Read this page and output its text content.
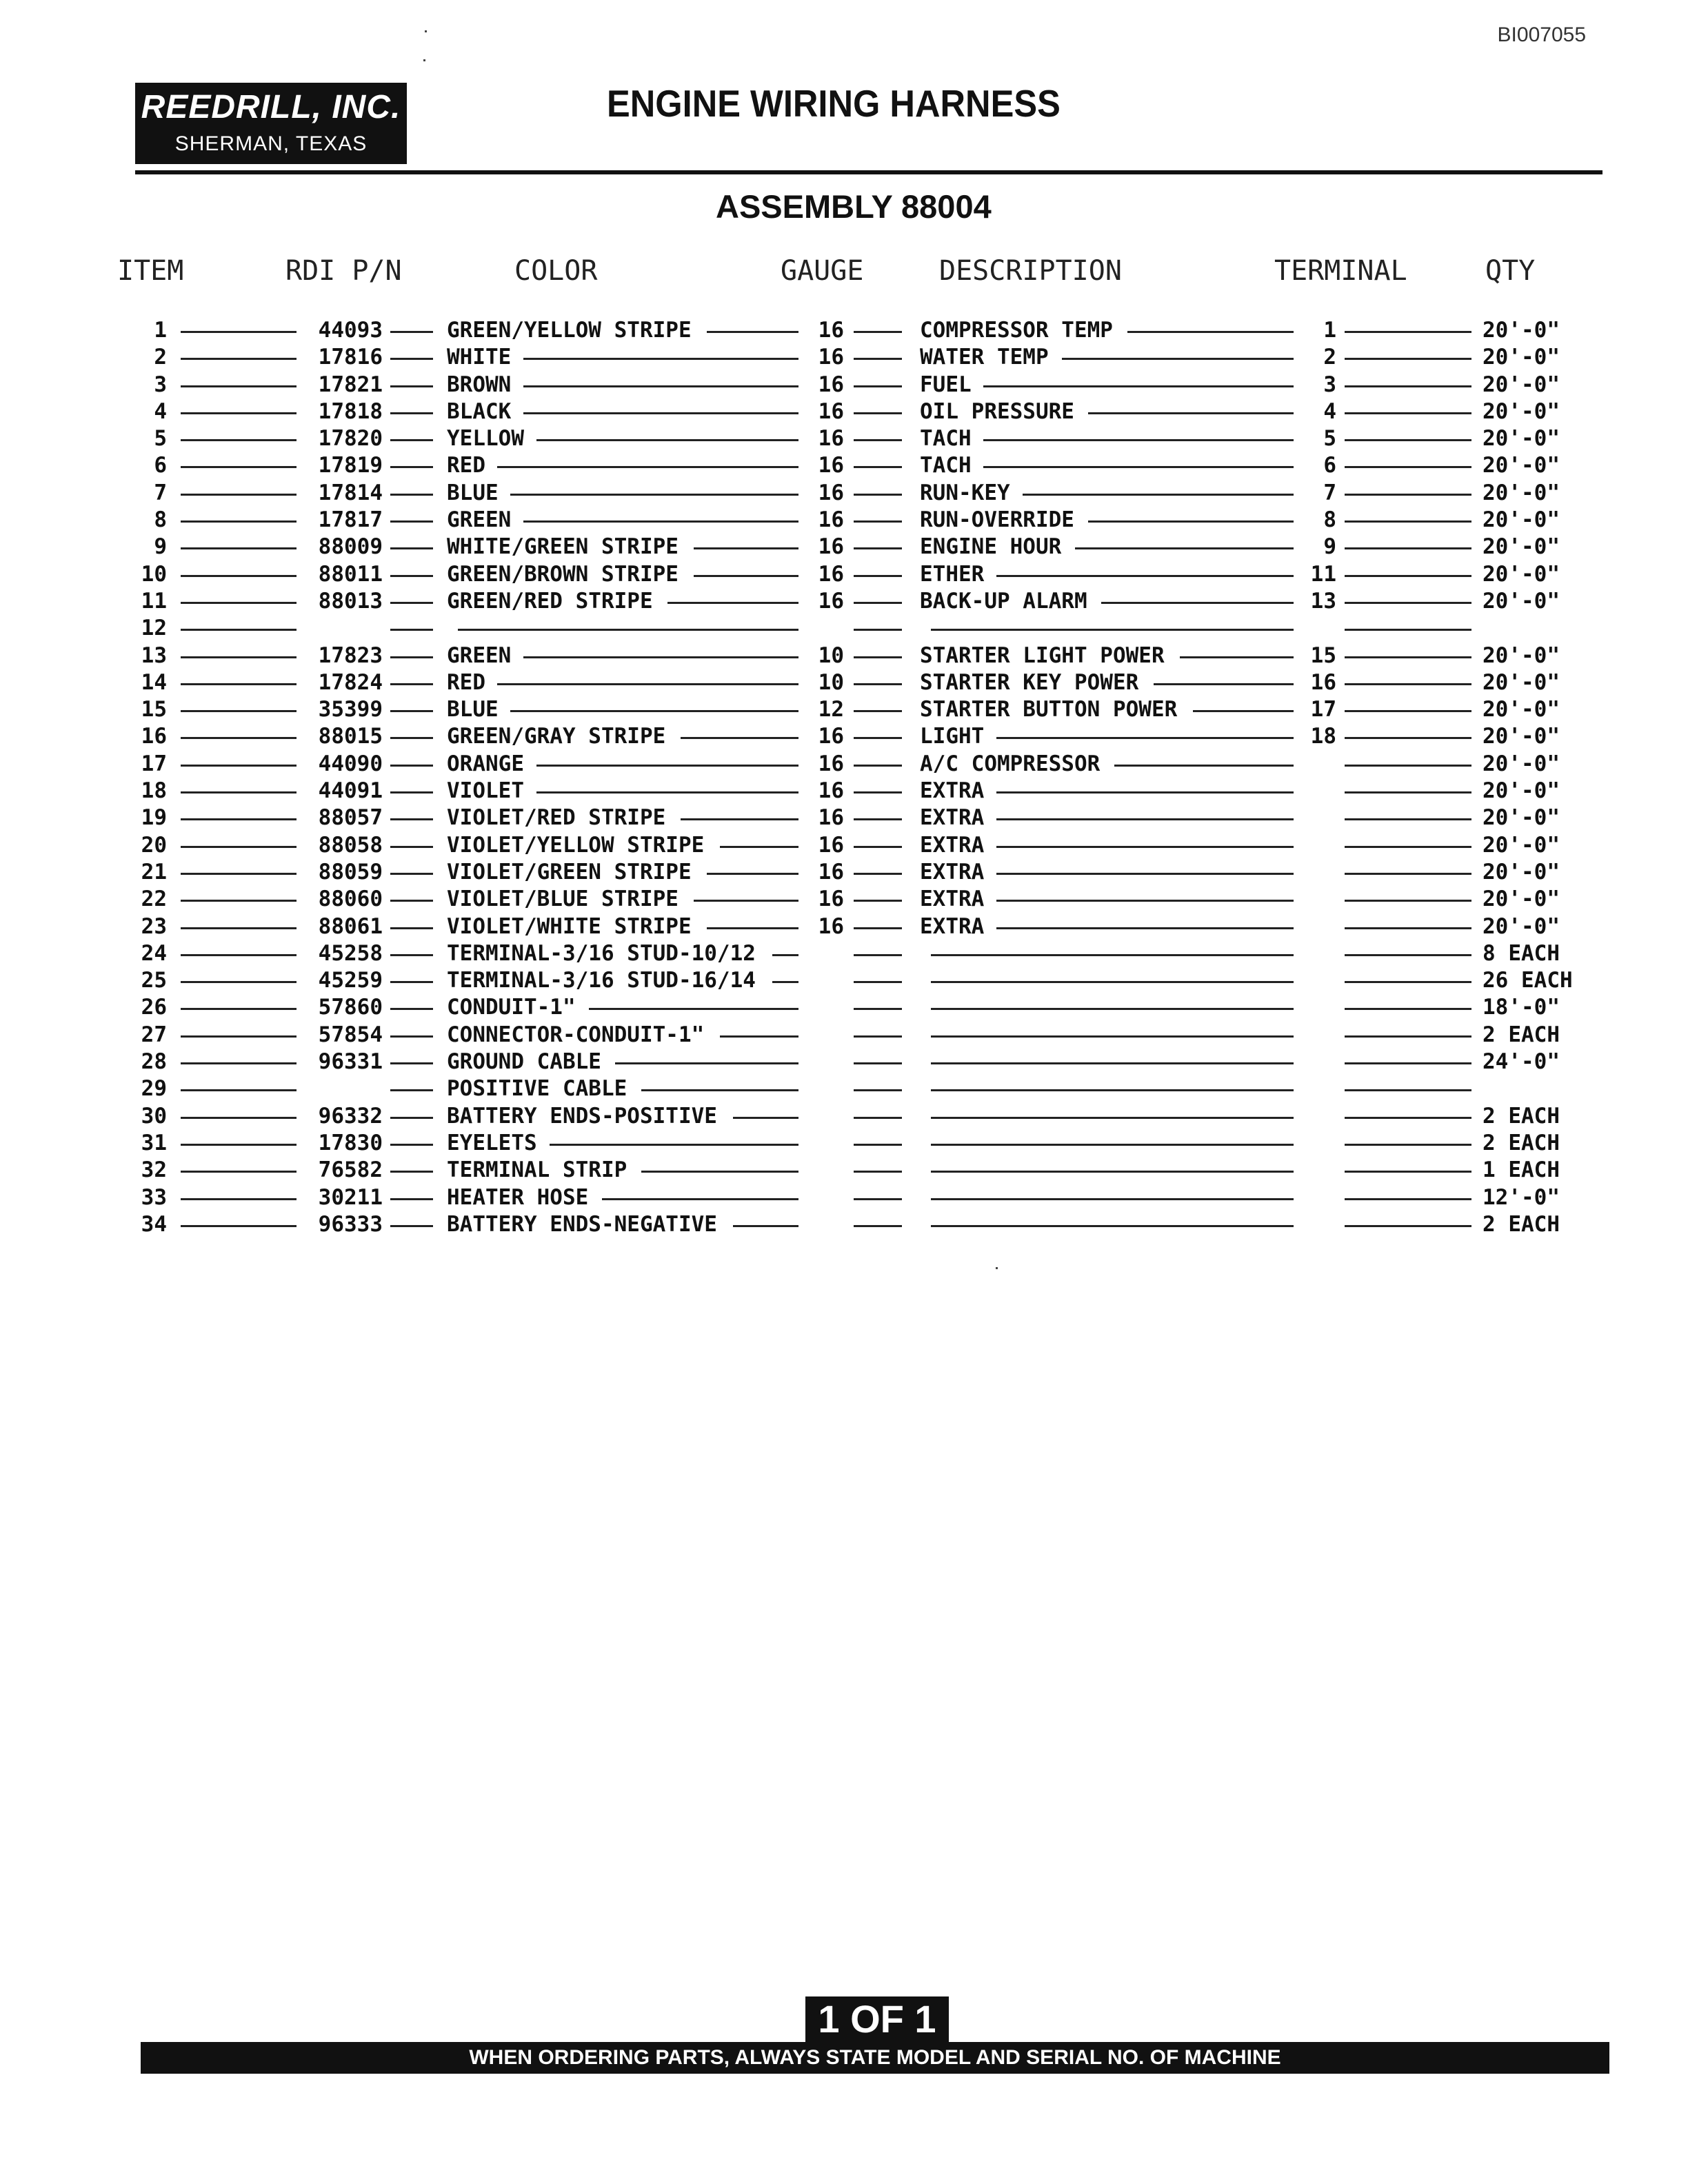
BI007055
REEDRILL, INC.
SHERMAN, TEXAS
ENGINE WIRING HARNESS
ASSEMBLY 88004
ITEM	RDI P/N	COLOR	GAUGE	DESCRIPTION	TERMINAL	QTY
1	44093	GREEN/YELLOW STRIPE	16	COMPRESSOR TEMP	1	20'-0"
2	17816	WHITE	16	WATER TEMP	2	20'-0"
3	17821	BROWN	16	FUEL	3	20'-0"
4	17818	BLACK	16	OIL PRESSURE	4	20'-0"
5	17820	YELLOW	16	TACH	5	20'-0"
6	17819	RED	16	TACH	6	20'-0"
7	17814	BLUE	16	RUN-KEY	7	20'-0"
8	17817	GREEN	16	RUN-OVERRIDE	8	20'-0"
9	88009	WHITE/GREEN STRIPE	16	ENGINE HOUR	9	20'-0"
10	88011	GREEN/BROWN STRIPE	16	ETHER	11	20'-0"
11	88013	GREEN/RED STRIPE	16	BACK-UP ALARM	13	20'-0"
12
13	17823	GREEN	10	STARTER LIGHT POWER	15	20'-0"
14	17824	RED	10	STARTER KEY POWER	16	20'-0"
15	35399	BLUE	12	STARTER BUTTON POWER	17	20'-0"
16	88015	GREEN/GRAY STRIPE	16	LIGHT	18	20'-0"
17	44090	ORANGE	16	A/C COMPRESSOR	20'-0"
18	44091	VIOLET	16	EXTRA	20'-0"
19	88057	VIOLET/RED STRIPE	16	EXTRA	20'-0"
20	88058	VIOLET/YELLOW STRIPE	16	EXTRA	20'-0"
21	88059	VIOLET/GREEN STRIPE	16	EXTRA	20'-0"
22	88060	VIOLET/BLUE STRIPE	16	EXTRA	20'-0"
23	88061	VIOLET/WHITE STRIPE	16	EXTRA	20'-0"
24	45258	TERMINAL-3/16 STUD-10/12	8 EACH
25	45259	TERMINAL-3/16 STUD-16/14	26 EACH
26	57860	CONDUIT-1"	18'-0"
27	57854	CONNECTOR-CONDUIT-1"	2 EACH
28	96331	GROUND CABLE	24'-0"
29	POSITIVE CABLE
30	96332	BATTERY ENDS-POSITIVE	2 EACH
31	17830	EYELETS	2 EACH
32	76582	TERMINAL STRIP	1 EACH
33	30211	HEATER HOSE	12'-0"
34	96333	BATTERY ENDS-NEGATIVE	2 EACH
1 OF 1
WHEN ORDERING PARTS, ALWAYS STATE MODEL AND SERIAL NO. OF MACHINE
